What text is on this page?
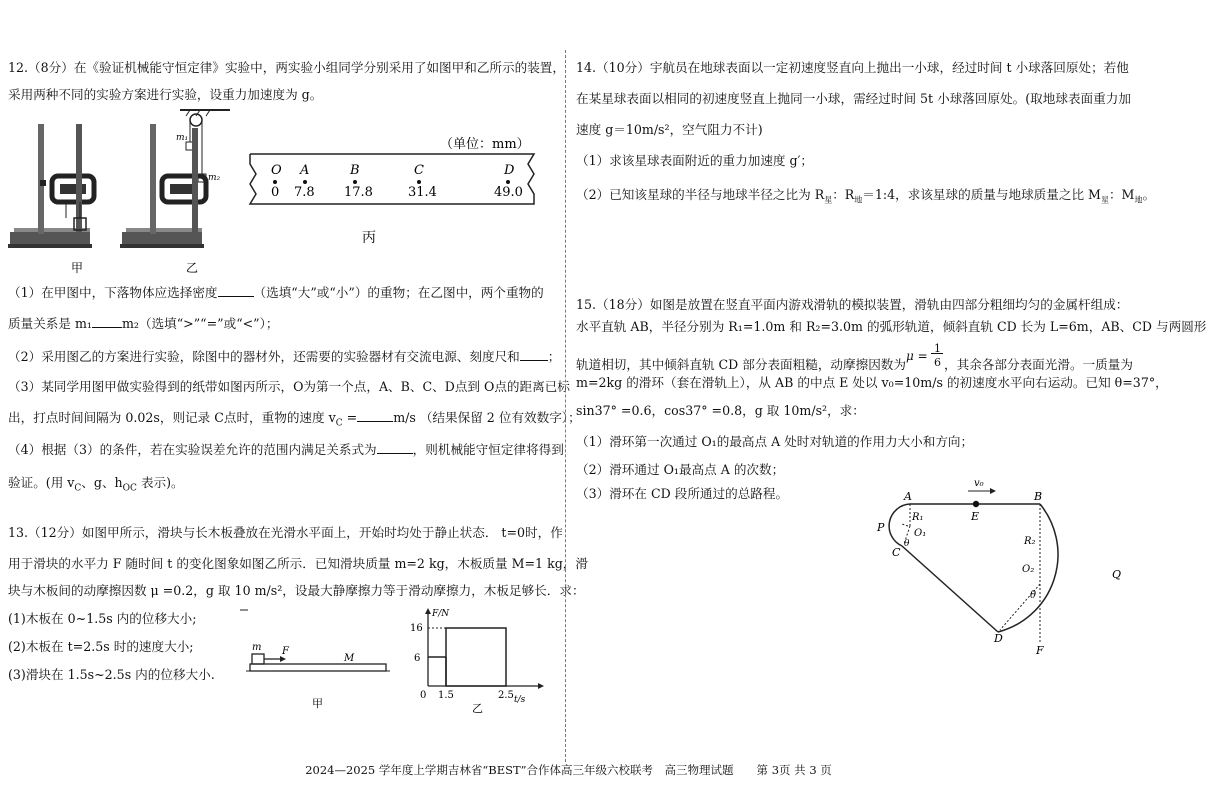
12.（8分）在《验证机械能守恒定律》实验中，两实验小组同学分别采用了如图甲和乙所示的装置，
采用两种不同的实验方案进行实验，设重力加速度为 g。
甲
m₁
m₂
乙
（单位：mm）
O A	B	C	D
0 7.8 17.8	31.4	49.0
丙
（1）在甲图中，下落物体应选择密度	（选填“大”或“小”）的重物；在乙图中，两个重物的
质量关系是 m₁ m₂（选填“>”“=”或“<”）；
（2）采用图乙的方案进行实验，除图中的器材外，还需要的实验器材有交流电源、刻度尺和 ；
（3）某同学用图甲做实验得到的纸带如图丙所示，O为第一个点，A、B、C、D点到 O点的距离已标
出，打点时间间隔为 0.02s，则记录 C点时，重物的速度 $v_C$ =	m/s （结果保留 2 位有效数字）；
（4）根据（3）的条件，若在实验误差允许的范围内满足关系式为	，则机械能守恒定律将得到
验证。(用 $v_C$、g、$h_{OC}$ 表示)。
13.（12分）如图甲所示，滑块与长木板叠放在光滑水平面上，开始时均处于静止状态． t=0时，作
用于滑块的水平力 F 随时间 t 的变化图象如图乙所示．已知滑块质量 m=2 kg，木板质量 M=1 kg，滑
块与木板间的动摩擦因数 μ =0.2，g 取 10 m/s²，设最大静摩擦力等于滑动摩擦力，木板足够长．求：
(1)木板在 0~1.5s 内的位移大小;
(2)木板在 t=2.5s 时的速度大小;
(3)滑块在 1.5s~2.5s 内的位移大小.
m F
M
甲
F/N
t/s
16
6
0 1.5	2.5
乙
14.（10分）宇航员在地球表面以一定初速度竖直向上抛出一小球，经过时间 t 小球落回原处；若他
在某星球表面以相同的初速度竖直上抛同一小球，需经过时间 5t 小球落回原处。(取地球表面重力加
速度 g＝10m/s²，空气阻力不计)
（1）求该星球表面附近的重力加速度 g′；
（2）已知该星球的半径与地球半径之比为 $R_星$：$R_地=1:4$，求该星球的质量与地球质量之比 $M_星$：$M_地$。
15.（18分）如图是放置在竖直平面内游戏滑轨的模拟装置，滑轨由四部分粗细均匀的金属杆组成：
水平直轨 AB，半径分别为 R₁=1.0m 和 R₂=3.0m 的弧形轨道，倾斜直轨 CD 长为 L=6m，AB、CD 与两圆形
轨道相切，其中倾斜直轨 CD 部分表面粗糙，动摩擦因数为
μ =
1
6 ，其余各部分表面光滑。一质量为
m=2kg 的滑环（套在滑轨上），从 AB 的中点 E 处以 v₀=10m/s 的初速度水平向右运动。已知 θ=37°，
sin37° =0.6，cos37° =0.8，g 取 10m/s²，求：
（1）滑环第一次通过 O₁的最高点 A 处时对轨道的作用力大小和方向；
（2）滑环通过 O₁最高点 A 的次数；
（3）滑环在 CD 段所通过的总路程。
v₀
A	B
E
P
C
D
F
Q
R₁
O₁
R₂
O₂
θ
θ
2024—2025 学年度上学期吉林省“BEST”合作体高三年级六校联考　高三物理试题　　第 3页 共 3 页
